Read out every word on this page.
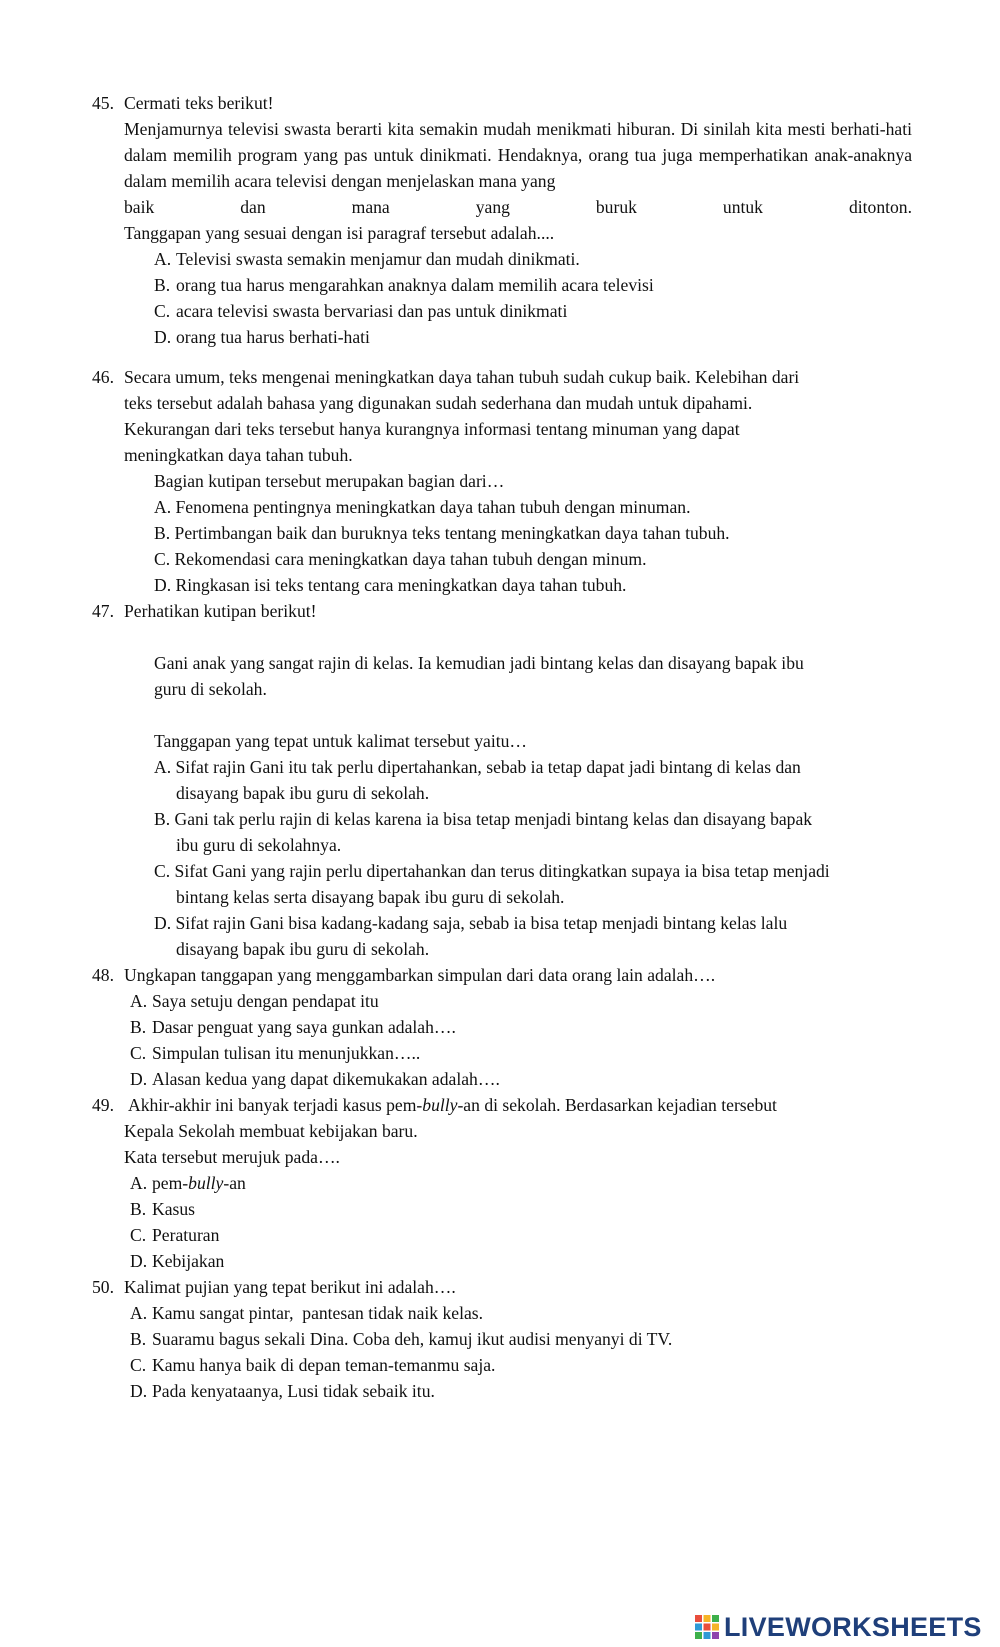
45. Cermati teks berikut!

Menjamurnya televisi swasta berarti kita semakin mudah menikmati hiburan. Di sinilah kita mesti berhati-hati dalam memilih program yang pas untuk dinikmati. Hendaknya, orang tua juga memperhatikan anak-anaknya dalam memilih acara televisi dengan menjelaskan mana yang

baik dan mana yang buruk untuk ditonton.

Tanggapan yang sesuai dengan isi paragraf tersebut adalah....

A. Televisi swasta semakin menjamur dan mudah dinikmati.
B. orang tua harus mengarahkan anaknya dalam memilih acara televisi
C. acara televisi swasta bervariasi dan pas untuk dinikmati
D. orang tua harus berhati-hati
46. Secara umum, teks mengenai meningkatkan daya tahan tubuh sudah cukup baik. Kelebihan dari

teks tersebut adalah bahasa yang digunakan sudah sederhana dan mudah untuk dipahami.

Kekurangan dari teks tersebut hanya kurangnya informasi tentang minuman yang dapat

meningkatkan daya tahan tubuh.

Bagian kutipan tersebut merupakan bagian dari…

A. Fenomena pentingnya meningkatkan daya tahan tubuh dengan minuman.

B. Pertimbangan baik dan buruknya teks tentang meningkatkan daya tahan tubuh.

C. Rekomendasi cara meningkatkan daya tahan tubuh dengan minum.

D. Ringkasan isi teks tentang cara meningkatkan daya tahan tubuh.

47. Perhatikan kutipan berikut!

Gani anak yang sangat rajin di kelas. Ia kemudian jadi bintang kelas dan disayang bapak ibu

guru di sekolah.

Tanggapan yang tepat untuk kalimat tersebut yaitu…

A. Sifat rajin Gani itu tak perlu dipertahankan, sebab ia tetap dapat jadi bintang di kelas dan
disayang bapak ibu guru di sekolah.
B. Gani tak perlu rajin di kelas karena ia bisa tetap menjadi bintang kelas dan disayang bapak
ibu guru di sekolahnya.
C. Sifat Gani yang rajin perlu dipertahankan dan terus ditingkatkan supaya ia bisa tetap menjadi
bintang kelas serta disayang bapak ibu guru di sekolah.
D. Sifat rajin Gani bisa kadang-kadang saja, sebab ia bisa tetap menjadi bintang kelas lalu
disayang bapak ibu guru di sekolah.
48. Ungkapan tanggapan yang menggambarkan simpulan dari data orang lain adalah….

A. Saya setuju dengan pendapat itu
B. Dasar penguat yang saya gunkan adalah….
C. Simpulan tulisan itu menunjukkan…..
D. Alasan kedua yang dapat dikemukakan adalah….
49. Akhir-akhir ini banyak terjadi kasus pem-bully-an di sekolah. Berdasarkan kejadian tersebut

Kepala Sekolah membuat kebijakan baru.

Kata tersebut merujuk pada….

A. pem-bully-an
B. Kasus
C. Peraturan
D. Kebijakan
50. Kalimat pujian yang tepat berikut ini adalah….

A. Kamu sangat pintar,  pantesan tidak naik kelas.
B. Suaramu bagus sekali Dina. Coba deh, kamuj ikut audisi menyanyi di TV.
C. Kamu hanya baik di depan teman-temanmu saja.
D. Pada kenyataanya, Lusi tidak sebaik itu.
LIVEWORKSHEETS
